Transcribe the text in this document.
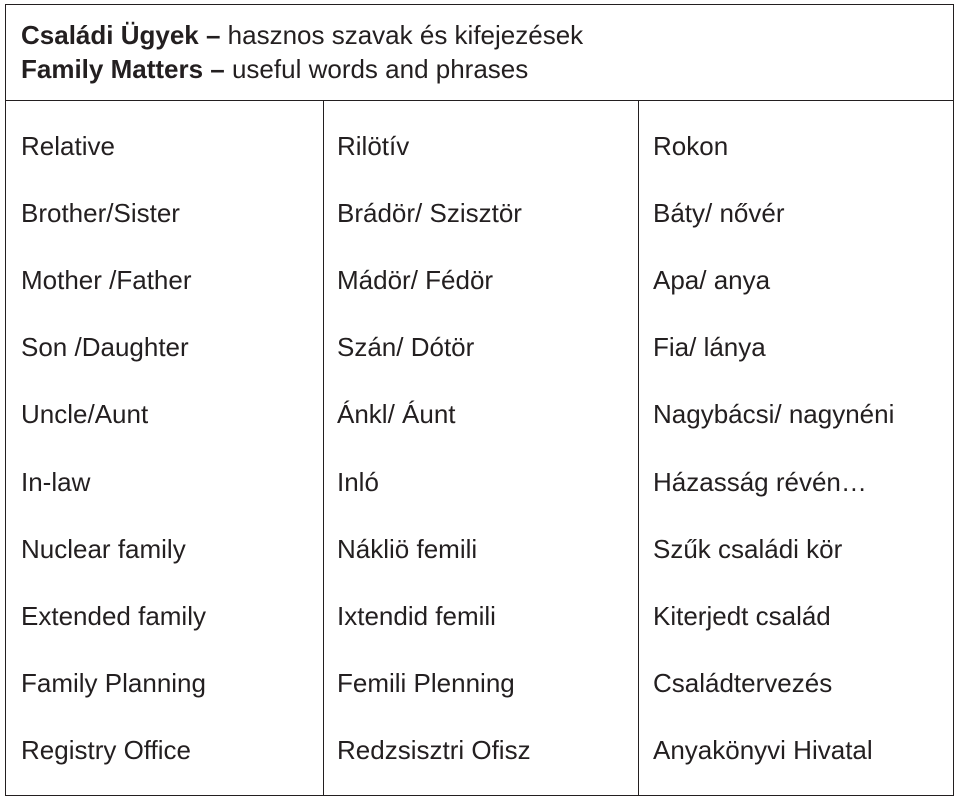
Családi Ügyek – hasznos szavak és kifejezések
Family Matters – useful words and phrases
Relative	Rilötív	Rokon
Brother/Sister	Brádör/ Szisztör	Báty/ nővér
Mother /Father	Mádör/ Fédör	Apa/ anya
Son /Daughter	Szán/ Dótör	Fia/ lánya
Uncle/Aunt	Ánkl/ Áunt	Nagybácsi/ nagynéni
In-law	Inló	Házasság révén…
Nuclear family	Nákliö femili	Szűk családi kör
Extended family	Ixtendid femili	Kiterjedt család
Family Planning	Femili Plenning	Családtervezés
Registry Office	Redzsisztri Ofisz	Anyakönyvi Hivatal
